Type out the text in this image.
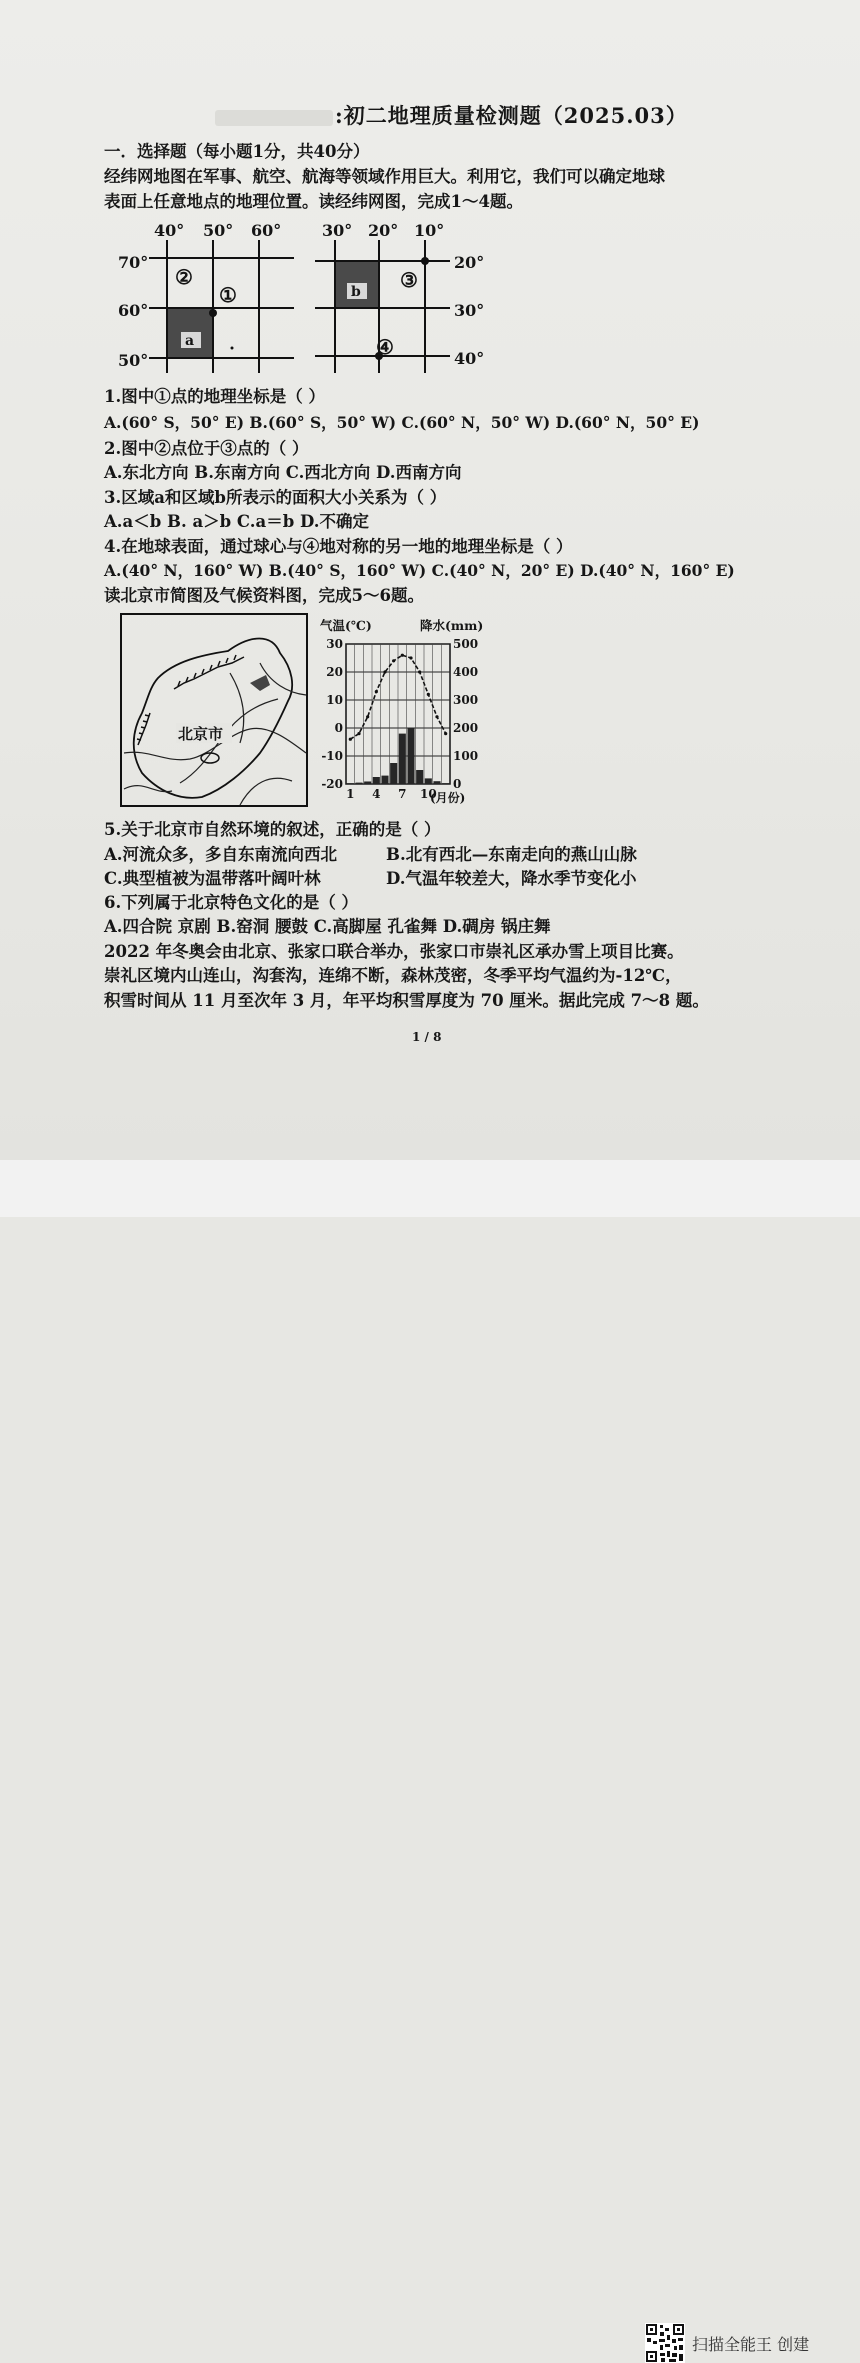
:初二地理质量检测题（2025.03）
一．选择题（每小题1分，共40分）
经纬网地图在军事、航空、航海等领域作用巨大。利用它，我们可以确定地球
表面上任意地点的地理位置。读经纬网图，完成1～4题。
40° 50° 60°
70°
60°
50°
②
①
a
30° 20° 10°
20°
30°
40°
③
④
b
1.图中①点的地理坐标是（ ）
A.(60° S，50° E) B.(60° S，50° W) C.(60° N，50° W) D.(60° N，50° E)
2.图中②点位于③点的（ ）
A.东北方向 B.东南方向 C.西北方向 D.西南方向
3.区域a和区域b所表示的面积大小关系为（ ）
A.a＜b B. a＞b C.a＝b D.不确定
4.在地球表面，通过球心与④地对称的另一地的地理坐标是（ ）
A.(40° N，160° W) B.(40° S，160° W) C.(40° N，20° E) D.(40° N，160° E)
读北京市简图及气候资料图，完成5～6题。
北京市
气温(℃)	降水(mm)
30
20
10
0
-10
-20
500
400
300
200
100
0
1 4 7 10
(月份)
5.关于北京市自然环境的叙述，正确的是（ ）
A.河流众多，多自东南流向西北	B.北有西北—东南走向的燕山山脉
C.典型植被为温带落叶阔叶林	D.气温年较差大，降水季节变化小
6.下列属于北京特色文化的是（ ）
A.四合院 京剧 B.窑洞 腰鼓 C.高脚屋 孔雀舞 D.碉房 锅庄舞
2022 年冬奥会由北京、张家口联合举办，张家口市崇礼区承办雪上项目比赛。
崇礼区境内山连山，沟套沟，连绵不断，森林茂密，冬季平均气温约为-12℃，
积雪时间从 11 月至次年 3 月，年平均积雪厚度为 70 厘米。据此完成 7～8 题。
1 / 8
扫描全能王 创建
